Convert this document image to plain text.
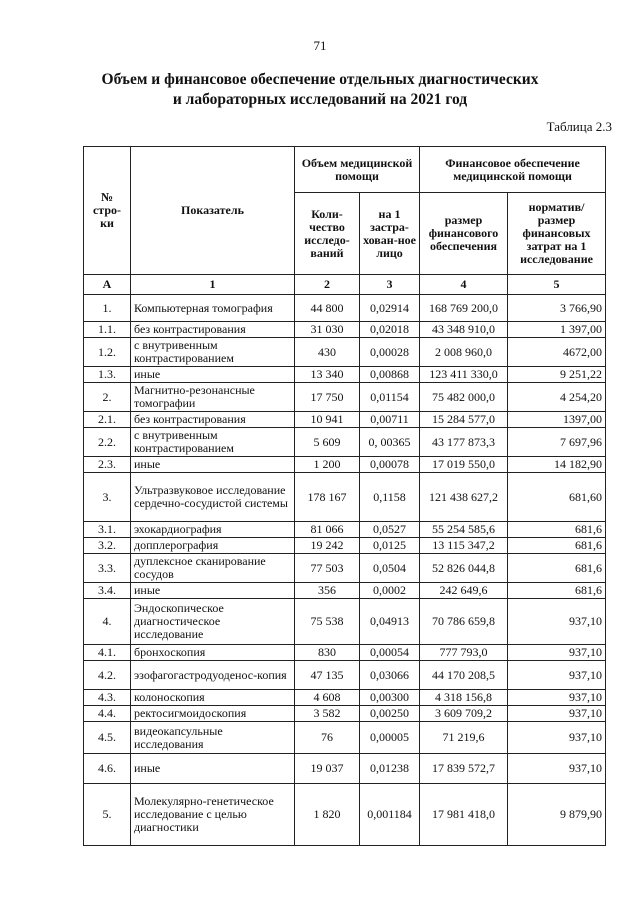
71
Объем и финансовое обеспечение отдельных диагностических
и лабораторных исследований на 2021 год
Таблица 2.3
№ стро-ки	Показатель	Объем медицинской помощи		Финансовое обеспечение медицинской помощи	
		Коли-чество исследо-ваний	на 1 застра-хован-ное лицо	размер финансового обеспечения	норматив/ размер финансовых затрат на 1 исследование
А	1	2	3	4	5
1.	Компьютерная томография	44 800	0,02914	168 769 200,0	3 766,90
1.1.	без контрастирования	31 030	0,02018	43 348 910,0	1 397,00
1.2.	с внутривенным контрастированием	430	0,00028	2 008 960,0	4672,00
1.3.	иные	13 340	0,00868	123 411 330,0	9 251,22
2.	Магнитно-резонансные томографии	17 750	0,01154	75 482 000,0	4 254,20
2.1.	без контрастирования	10 941	0,00711	15 284 577,0	1397,00
2.2.	с внутривенным контрастированием	5 609	0, 00365	43 177 873,3	7 697,96
2.3.	иные	1 200	0,00078	17 019 550,0	14 182,90
3.	Ультразвуковое исследование сердечно-сосудистой системы	178 167	0,1158	121 438 627,2	681,60
3.1.	эхокардиография	81 066	0,0527	55 254 585,6	681,6
3.2.	допплерография	19 242	0,0125	13 115 347,2	681,6
3.3.	дуплексное сканирование сосудов	77 503	0,0504	52 826 044,8	681,6
3.4.	иные	356	0,0002	242 649,6	681,6
4.	Эндоскопическое диагностическое исследование	75 538	0,04913	70 786 659,8	937,10
4.1.	бронхоскопия	830	0,00054	777 793,0	937,10
4.2.	эзофагогастродуоденос-копия	47 135	0,03066	44 170 208,5	937,10
4.3.	колоноскопия	4 608	0,00300	4 318 156,8	937,10
4.4.	ректосигмоидоскопия	3 582	0,00250	3 609 709,2	937,10
4.5.	видеокапсульные исследования	76	0,00005	71 219,6	937,10
4.6.	иные	19 037	0,01238	17 839 572,7	937,10
5.	Молекулярно-генетическое исследование с целью диагностики	1 820	0,001184	17 981 418,0	9 879,90
